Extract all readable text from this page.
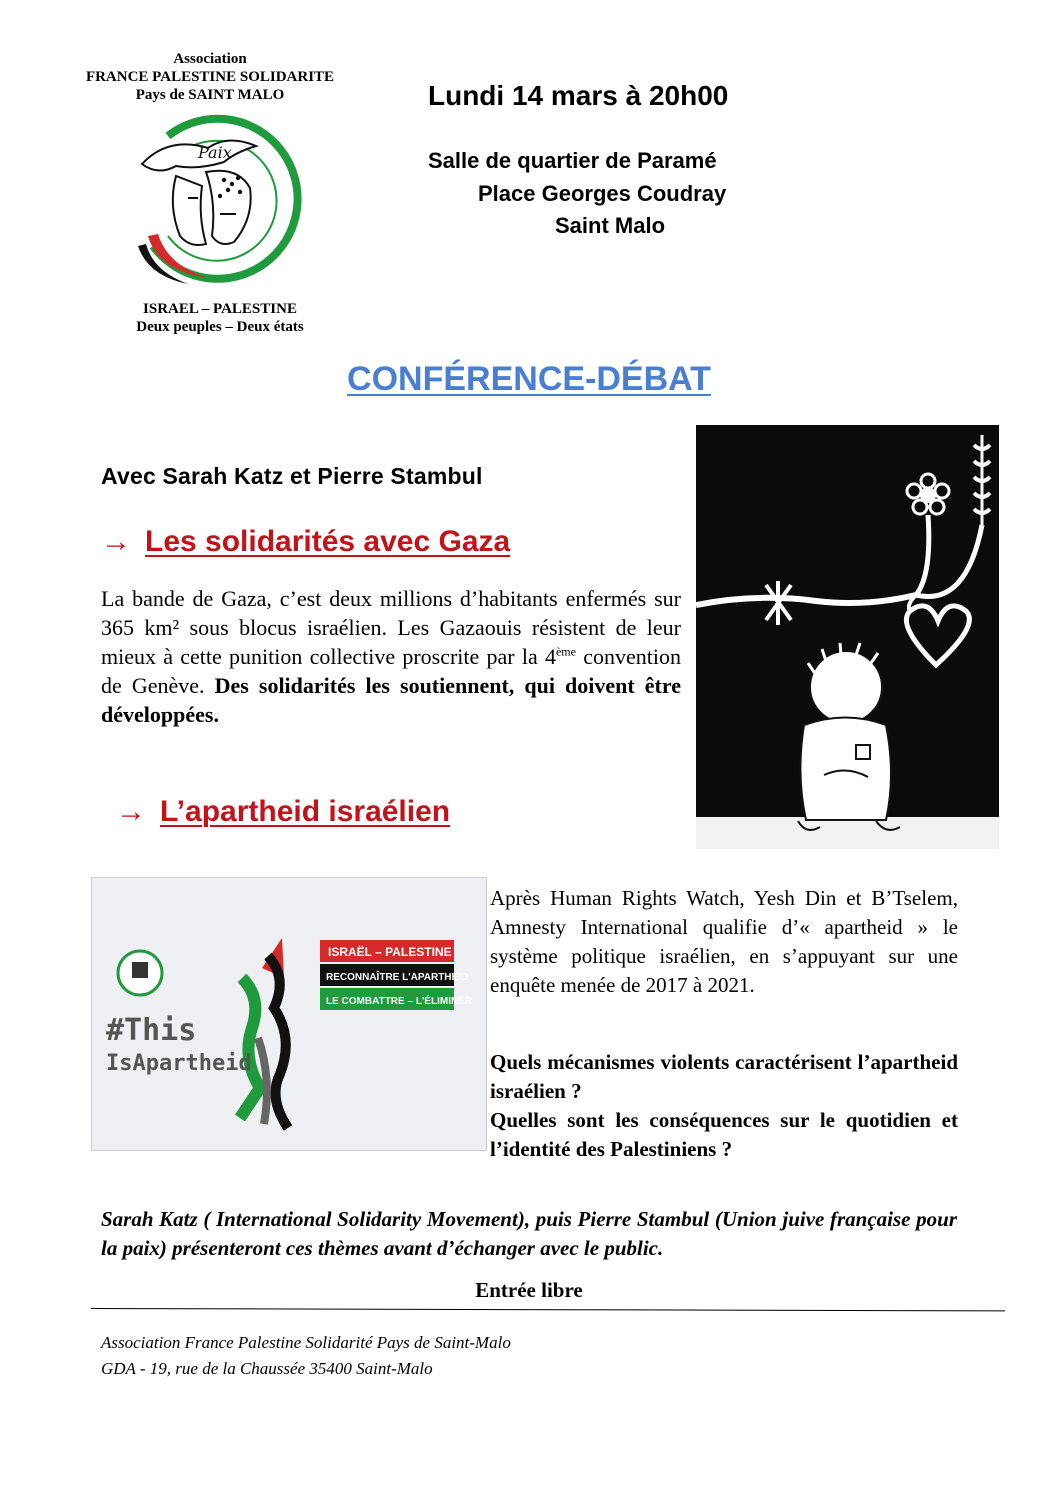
Association
FRANCE PALESTINE SOLIDARITE
Pays de SAINT MALO
Paix
ISRAEL – PALESTINE
Deux peuples – Deux états
Lundi 14 mars à 20h00
Salle de quartier de Paramé
Place Georges Coudray
Saint Malo
CONFÉRENCE-DÉBAT
Avec Sarah Katz et Pierre Stambul
→ Les solidarités avec Gaza
La bande de Gaza, c’est deux millions d’habitants enfermés sur 365 km² sous blocus israélien. Les Gazaouis résistent de leur mieux à cette punition collective proscrite par la 4ème convention de Genève. Des solidarités les soutiennent, qui doivent être développées.
→ L’apartheid israélien
ISRAËL – PALESTINE
RECONNAÎTRE L'APARTHEID
LE COMBATTRE – L'ÉLIMINER
#This
IsApartheid
Après Human Rights Watch, Yesh Din et B’Tselem, Amnesty International qualifie d’« apartheid » le système politique israélien, en s’appuyant sur une enquête menée de 2017 à 2021.

Quels mécanismes violents caractérisent l’apartheid israélien ?

Quelles sont les conséquences sur le quotidien et l’identité des Palestiniens ?

Sarah Katz ( International Solidarity Movement), puis Pierre Stambul (Union juive française pour la paix) présenteront ces thèmes avant d’échanger avec le public.
Entrée libre
Association France Palestine Solidarité Pays de Saint-Malo
GDA - 19, rue de la Chaussée 35400 Saint-Malo
